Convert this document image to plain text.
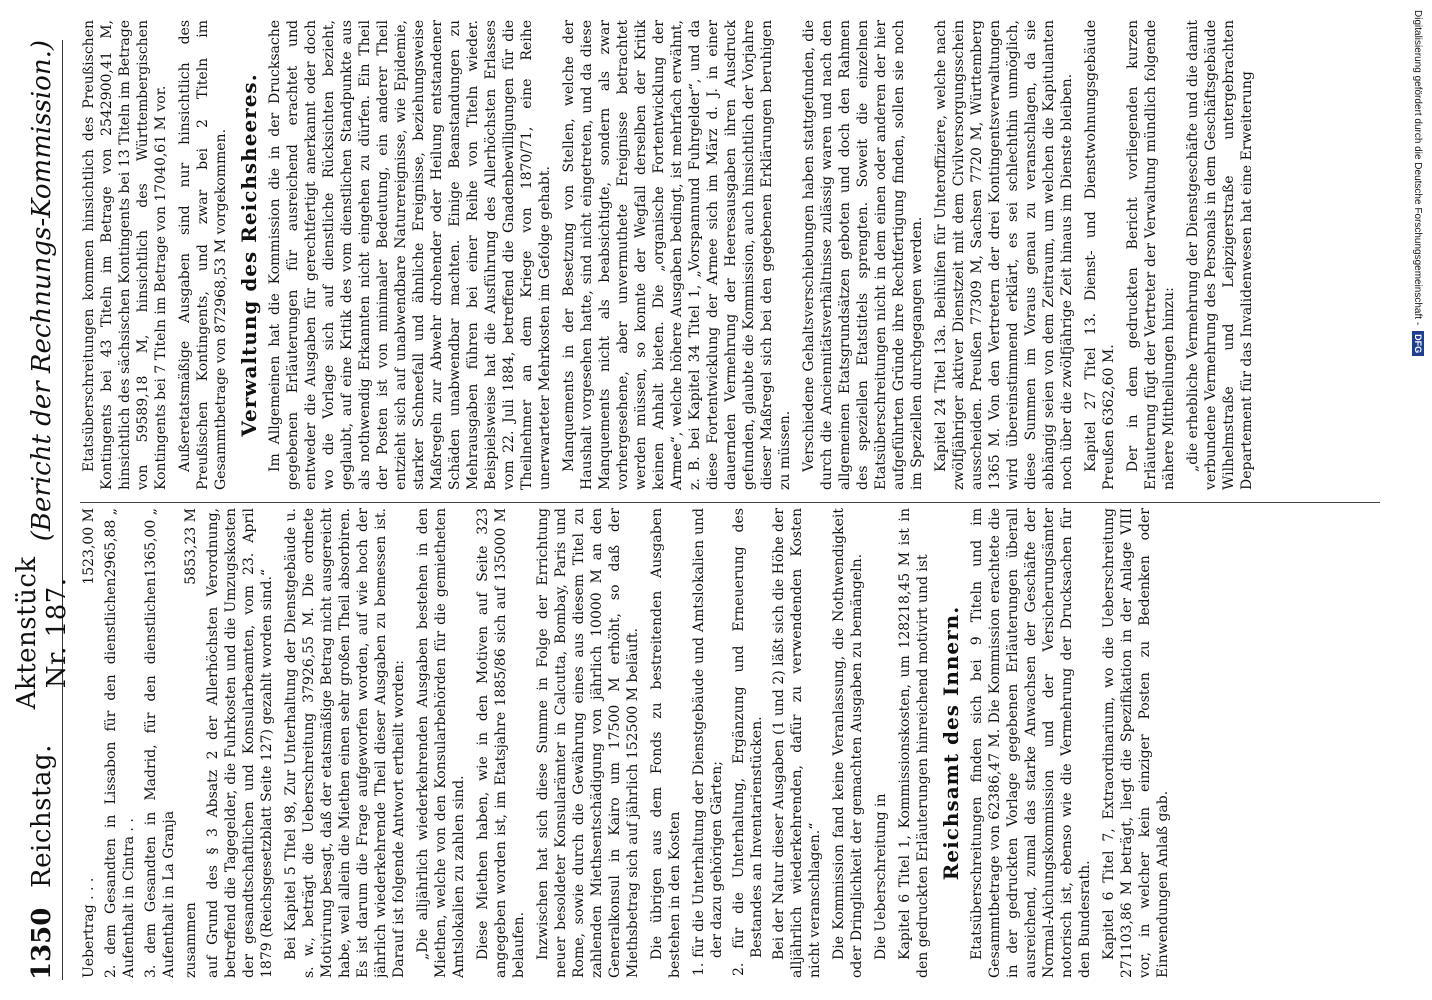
1350
Reichstag.
Aktenstück Nr. 187.
(Bericht der Rechnungs-Kommission.)
Uebertrag . . .
1523,00 M
2. dem Gesandten in Lissabon für den dienstlichen Aufenthalt in Cintra . .
2965,88 „
3. dem Gesandten in Madrid, für den dienstlichen Aufenthalt in La Granja
1365,00 „
zusammen
5853,23 M auf Grund des § 3 Absatz 2 der Allerhöchsten Verordnung, betreffend die Tagegelder, die Fuhrkosten und die Umzugskosten der gesandtschaftlichen und Konsularbeamten, vom 23. April 1879 (Reichsgesetzblatt Seite 127) gezahlt worden sind.“ Bei Kapitel 5 Titel 98, Zur Unterhaltung der Dienstgebäude u. s. w., beträgt die Ueberschreitung 37926,55 M. Die ordnete Motivirung besagt, daß der etatsmäßige Betrag nicht ausgereicht habe, weil allein die Miethen einen sehr großen Theil absorbiren. Es ist darum die Frage aufgeworfen worden, auf wie hoch der jährlich wiederkehrende Theil dieser Ausgaben zu bemessen ist. Darauf ist folgende Antwort ertheilt worden: „Die alljährlich wiederkehrenden Ausgaben bestehen in den Miethen, welche von den Konsularbehörden für die gemietheten Amtslokalien zu zahlen sind. Diese Miethen haben, wie in den Motiven auf Seite 323 angegeben worden ist, im Etatsjahre 1885/86 sich auf 135000 M belaufen. Inzwischen hat sich diese Summe in Folge der Errichtung neuer besoldeter Konsularämter in Calcutta, Bombay, Paris und Rome, sowie durch die Gewährung eines aus diesem Titel zu zahlenden Miethsentschädigung von jährlich 10000 M an den Generalkonsul in Kairo um 17500 M erhöht, so daß der Miethsbetrag sich auf jährlich 152500 M beläuft. Die übrigen aus dem Fonds zu bestreitenden Ausgaben bestehen in den Kosten 1. für die Unterhaltung der Dienstgebäude und Amtslokalien und der dazu gehörigen Gärten; 2. für die Unterhaltung, Ergänzung und Erneuerung des Bestandes an Inventarienstücken. Bei der Natur dieser Ausgaben (1 und 2) läßt sich die Höhe der alljährlich wiederkehrenden, dafür zu verwendenden Kosten nicht veranschlagen.“ Die Kommission fand keine Veranlassung, die Nothwendigkeit oder Dringlichkeit der gemachten Ausgaben zu bemängeln. Die Ueberschreitung in Kapitel 6 Titel 1, Kommissionskosten, um 128218,45 M ist in den gedruckten Erläuterungen hinreichend motivirt und ist Reichsamt des Innern. Etatsüberschreitungen finden sich bei 9 Titeln und im Gesammtbetrage von 62386,47 M. Die Kommission erachtete die in der gedruckten Vorlage gegebenen Erläuterungen überall ausreichend, zumal das starke Anwachsen der Geschäfte der Normal-Aichungskommission und der Versicherungsämter notorisch ist, ebenso wie die Vermehrung der Drucksachen für den Bundesrath. Kapitel 6 Titel 7, Extraordinarium, wo die Ueberschreitung 271103,86 M beträgt, liegt die Spezifikation in der Anlage VIII vor, in welcher kein einziger Posten zu Bedenken oder Einwendungen Anlaß gab.

Etatsüberschreitungen kommen hinsichtlich des Preußischen Kontingents bei 43 Titeln im Betrage von 2542900,41 M, hinsichtlich des sächsischen Kontingents bei 13 Titeln im Betrage von 59589,18 M, hinsichtlich des Württembergischen Kontingents bei 7 Titeln im Betrage von 17040,61 M vor. Außeretatsmäßige Ausgaben sind nur hinsichtlich des Preußischen Kontingents, und zwar bei 2 Titeln im Gesammtbetrage von 872968,53 M vorgekommen. Verwaltung des Reichsheeres. Im Allgemeinen hat die Kommission die in der Drucksache gegebenen Erläuterungen für ausreichend erachtet und entweder die Ausgaben für gerechtfertigt anerkannt oder doch wo die Vorlage sich auf dienstliche Rücksichten bezieht, geglaubt, auf eine Kritik des vom dienstlichen Standpunkte aus als nothwendig Erkannten nicht eingehen zu dürfen. Ein Theil der Posten ist von minimaler Bedeutung, ein anderer Theil entzieht sich auf unabwendbare Naturereignisse, wie Epidemie, starker Schneefall und ähnliche Ereignisse, beziehungsweise Maßregeln zur Abwehr drohender oder Heilung entstandener Schäden unabwendbar machten. Einige Beanstandungen zu Mehrausgaben führen bei einer Reihe von Titeln wieder. Beispielsweise hat die Ausführung des Allerhöchsten Erlasses vom 22. Juli 1884, betreffend die Gnadenbewilligungen für die Theilnehmer an dem Kriege von 1870/71, eine Reihe unerwarteter Mehrkosten im Gefolge gehabt. Manquements in der Besetzung von Stellen, welche der Haushalt vorgesehen hatte, sind nicht eingetreten, und da diese Manquements nicht als beabsichtigte, sondern als zwar vorhergesehene, aber unvermuthete Ereignisse betrachtet werden müssen, so konnte der Wegfall derselben der Kritik keinen Anhalt bieten. Die „organische Fortentwicklung der Armee“, welche höhere Ausgaben bedingt, ist mehrfach erwähnt, z. B. bei Kapitel 34 Titel 1, „Vorspannund Fuhrgelder“, und da diese Fortentwicklung der Armee sich im März d. J. in einer dauernden Vermehrung der Heeresausgaben ihren Ausdruck gefunden, glaubte die Kommission, auch hinsichtlich der Vorjahre dieser Maßregel sich bei den gegebenen Erklärungen beruhigen zu müssen. Verschiedene Gehaltsverschiebungen haben stattgefunden, die durch die Anciennitätsverhältnisse zulässig waren und nach den allgemeinen Etatsgrundsätzen geboten und doch den Rahmen des speziellen Etatstitels sprengten. Soweit die einzelnen Etatsüberschreitungen nicht in dem einen oder anderen der hier aufgeführten Gründe ihre Rechtfertigung finden, sollen sie noch im Speziellen durchgegangen werden. Kapitel 24 Titel 13a. Beihülfen für Unteroffiziere, welche nach zwölfjähriger aktiver Dienstzeit mit dem Civilversorgungsschein ausscheiden. Preußen 77309 M, Sachsen 7720 M, Württemberg 1365 M. Von den Vertretern der drei Kontingentsverwaltungen wird übereinstimmend erklärt, es sei schlechthin unmöglich, diese Summen im Voraus genau zu veranschlagen, da sie abhängig seien von dem Zeitraum, um welchen die Kapitulanten noch über die zwölfjährige Zeit hinaus im Dienste bleiben. Kapitel 27 Titel 13. Dienst- und Dienstwohnungsgebäude Preußen 6362,60 M. Der in dem gedruckten Bericht vorliegenden kurzen Erläuterung fügt der Vertreter der Verwaltung mündlich folgende nähere Mittheilungen hinzu: „die erhebliche Vermehrung der Dienstgeschäfte und die damit verbundene Vermehrung des Personals in dem Geschäftsgebäude Wilhelmstraße und Leipzigerstraße untergebrachten Departement für das Invalidenwesen hat eine Erweiterung	Digitalisierung gefördert durch die Deutsche Forschungsgemeinschaft -
DFG
